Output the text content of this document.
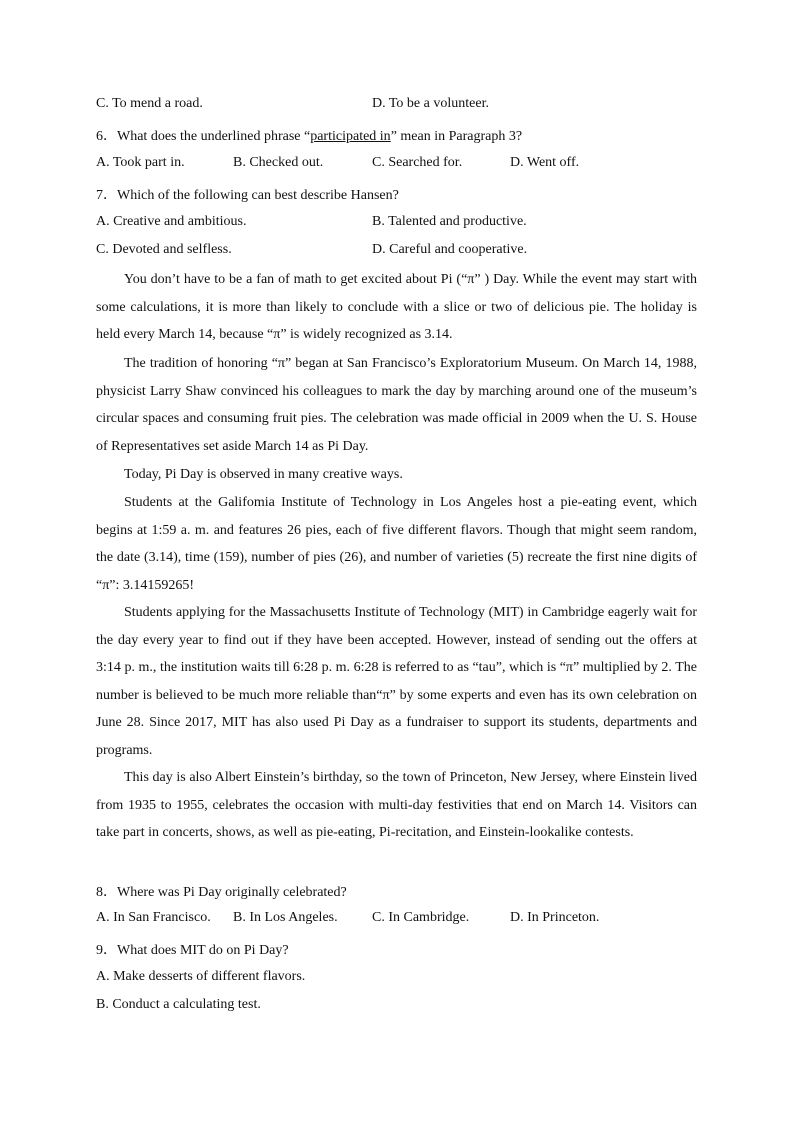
C. To mend a road.	D. To be a volunteer.
6．What does the underlined phrase “participated in” mean in Paragraph 3?
A. Took part in.	B. Checked out.	C. Searched for.	D. Went off.
7．Which of the following can best describe Hansen?
A. Creative and ambitious.	B. Talented and productive.
C. Devoted and selfless.	D. Careful and cooperative.

You don’t have to be a fan of math to get excited about Pi (“π” ) Day. While the event may start with some calculations, it is more than likely to conclude with a slice or two of delicious pie. The holiday is held every March 14, because “π” is widely recognized as 3.14.

The tradition of honoring “π” began at San Francisco’s Exploratorium Museum. On March 14, 1988, physicist Larry Shaw convinced his colleagues to mark the day by marching around one of the museum’s circular spaces and consuming fruit pies. The celebration was made official in 2009 when the U. S. House of Representatives set aside March 14 as Pi Day.

Today, Pi Day is observed in many creative ways.

Students at the Galifomia Institute of Technology in Los Angeles host a pie-eating event, which begins at 1:59 a. m. and features 26 pies, each of five different flavors. Though that might seem random, the date (3.14), time (159), number of pies (26), and number of varieties (5) recreate the first nine digits of “π”: 3.14159265!

Students applying for the Massachusetts Institute of Technology (MIT) in Cambridge eagerly wait for the day every year to find out if they have been accepted. However, instead of sending out the offers at 3:14 p. m., the institution waits till 6:28 p. m. 6:28 is referred to as “tau”, which is “π” multiplied by 2. The number is believed to be much more reliable than“π” by some experts and even has its own celebration on June 28. Since 2017, MIT has also used Pi Day as a fundraiser to support its students, departments and programs.

This day is also Albert Einstein’s birthday, so the town of Princeton, New Jersey, where Einstein lived from 1935 to 1955, celebrates the occasion with multi-day festivities that end on March 14. Visitors can take part in concerts, shows, as well as pie-eating, Pi-recitation, and Einstein-lookalike contests.

8．Where was Pi Day originally celebrated?
A. In San Francisco. B. In Los Angeles. C. In Cambridge.	D. In Princeton.
9．What does MIT do on Pi Day?
A. Make desserts of different flavors.
B. Conduct a calculating test.
